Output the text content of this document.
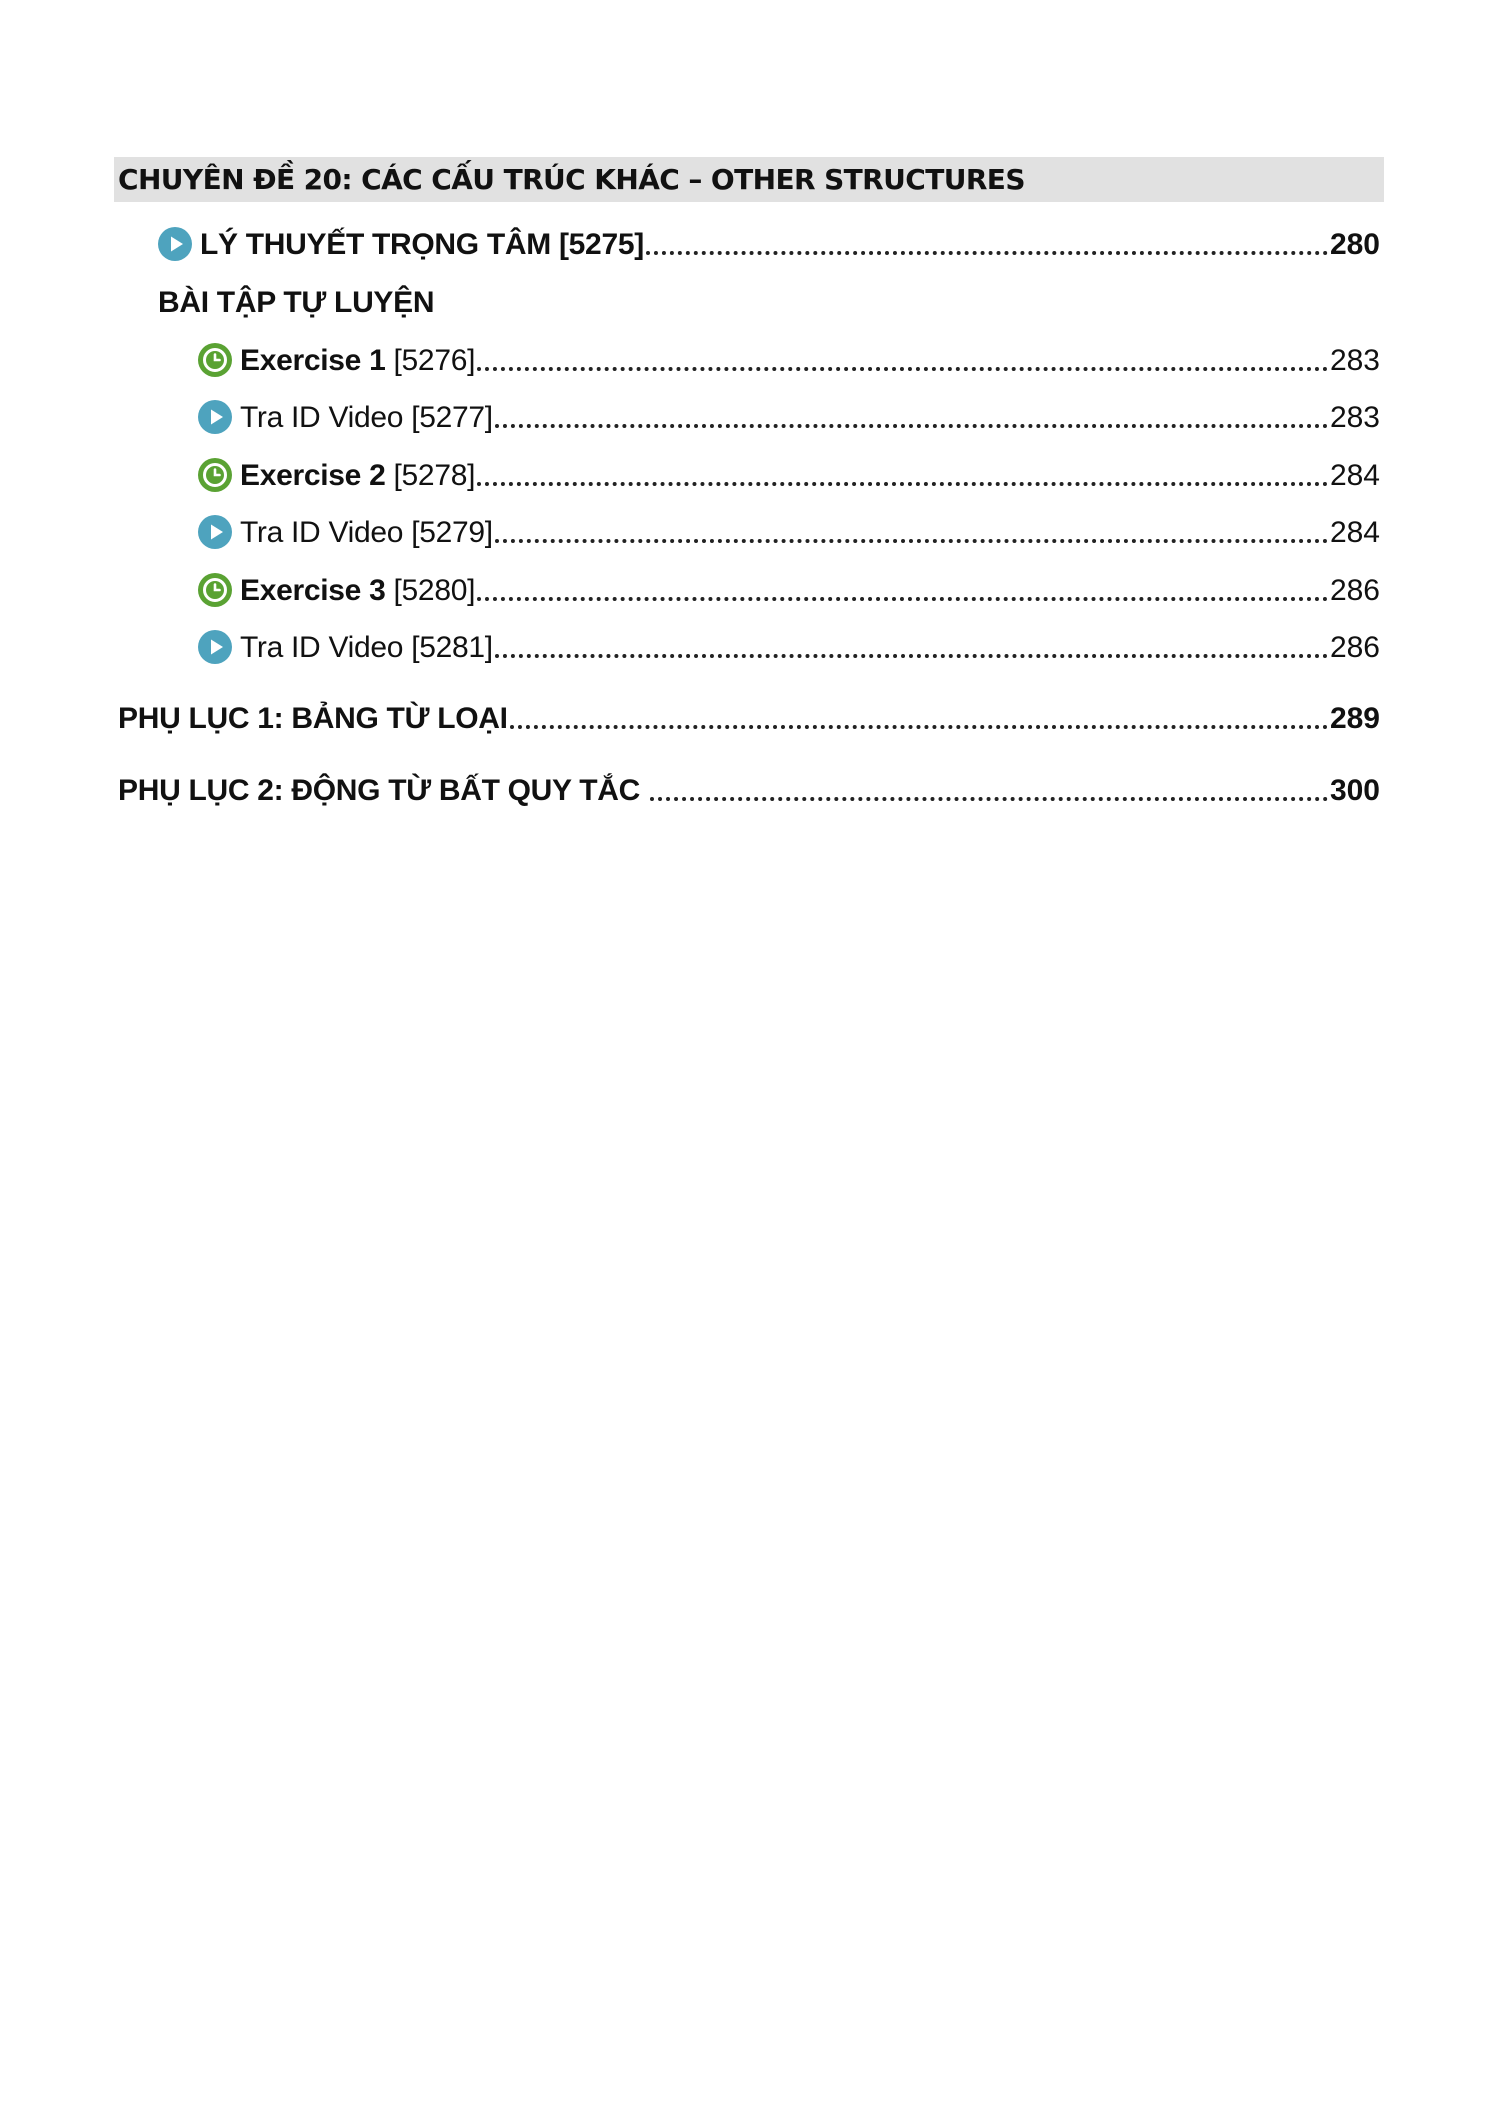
CHUYÊN ĐỀ 20: CÁC CẤU TRÚC KHÁC – OTHER STRUCTURES
LÝ THUYẾT TRỌNG TÂM [5275]	280
BÀI TẬP TỰ LUYỆN
Exercise 1 [5276]	283
Tra ID Video [5277]	283
Exercise 2 [5278]	284
Tra ID Video [5279]	284
Exercise 3 [5280]	286
Tra ID Video [5281]	286
PHỤ LỤC 1: BẢNG TỪ LOẠI	289
PHỤ LỤC 2: ĐỘNG TỪ BẤT QUY TẮC	300
